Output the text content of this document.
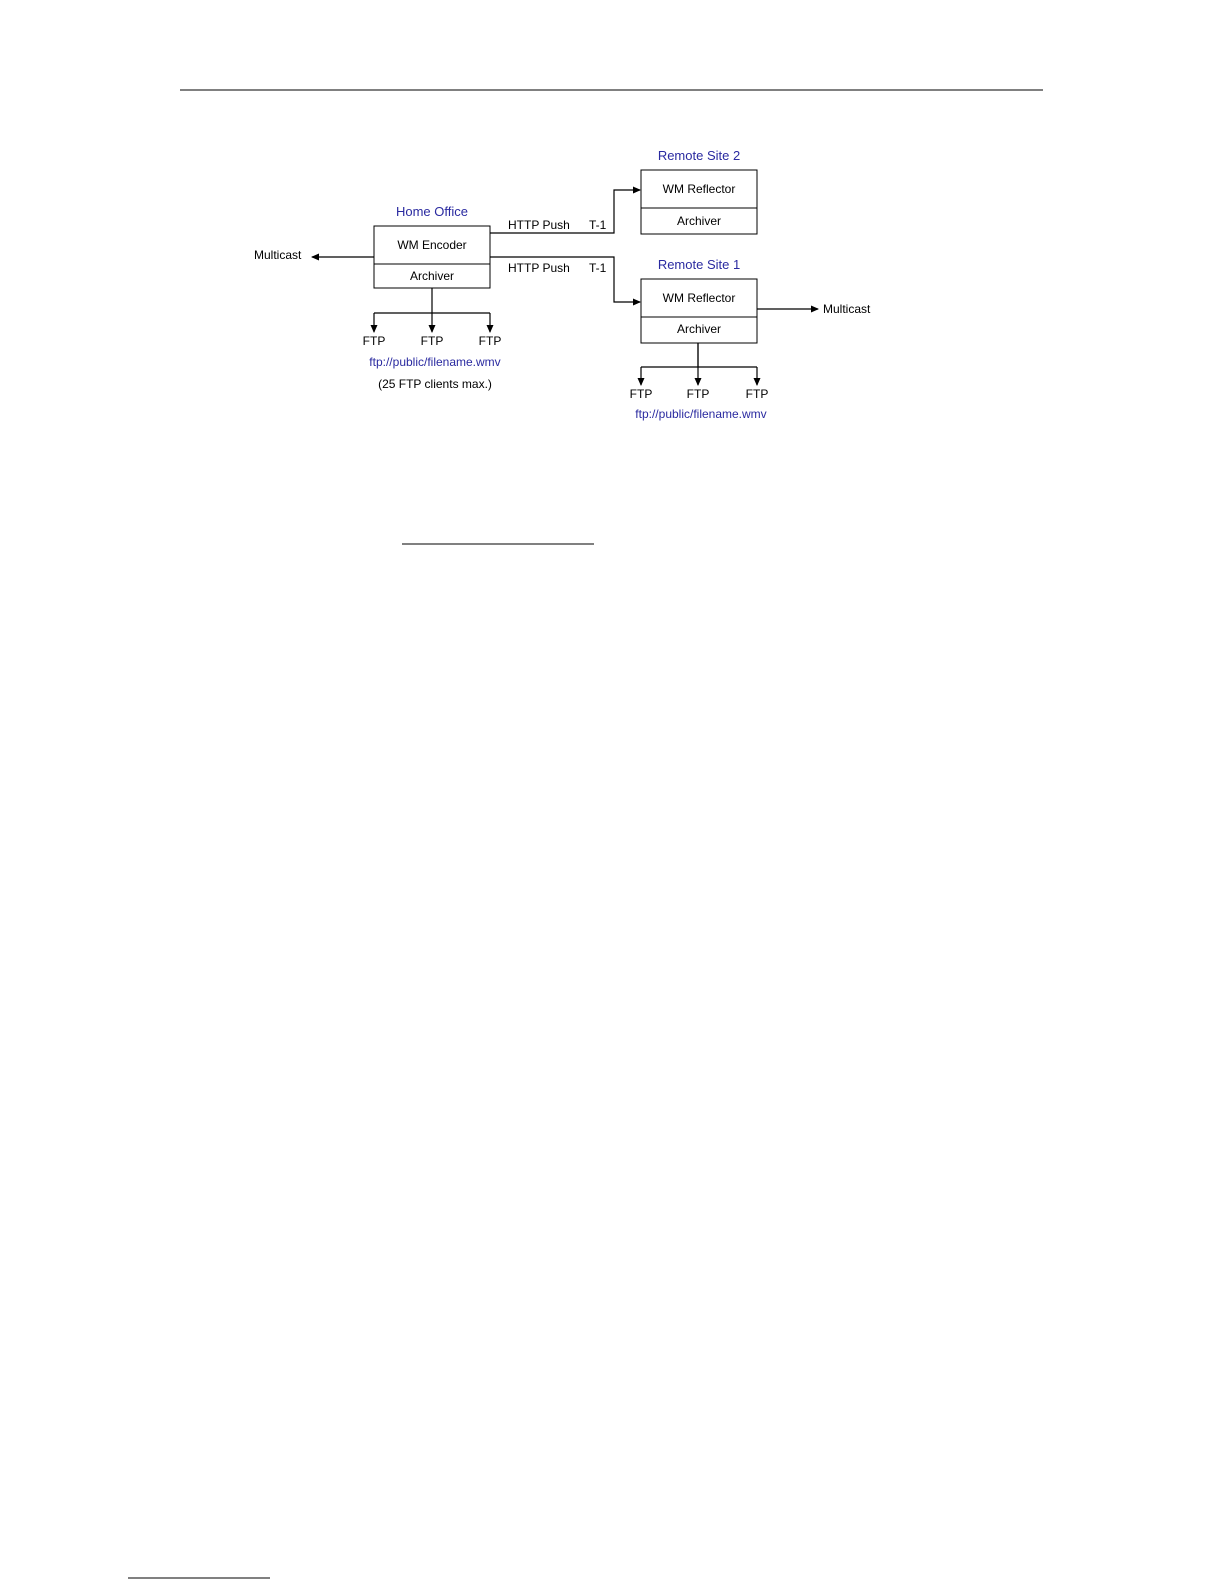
Home Office
WM Encoder
Archiver
Multicast
FTP	FTP	FTP
ftp://public/filename.wmv
(25 FTP clients max.)
HTTP Push T-1
HTTP Push T-1
Remote Site 2
WM Reflector
Archiver
Remote Site 1
WM Reflector
Archiver
Multicast
FTP	FTP	FTP
ftp://public/filename.wmv
